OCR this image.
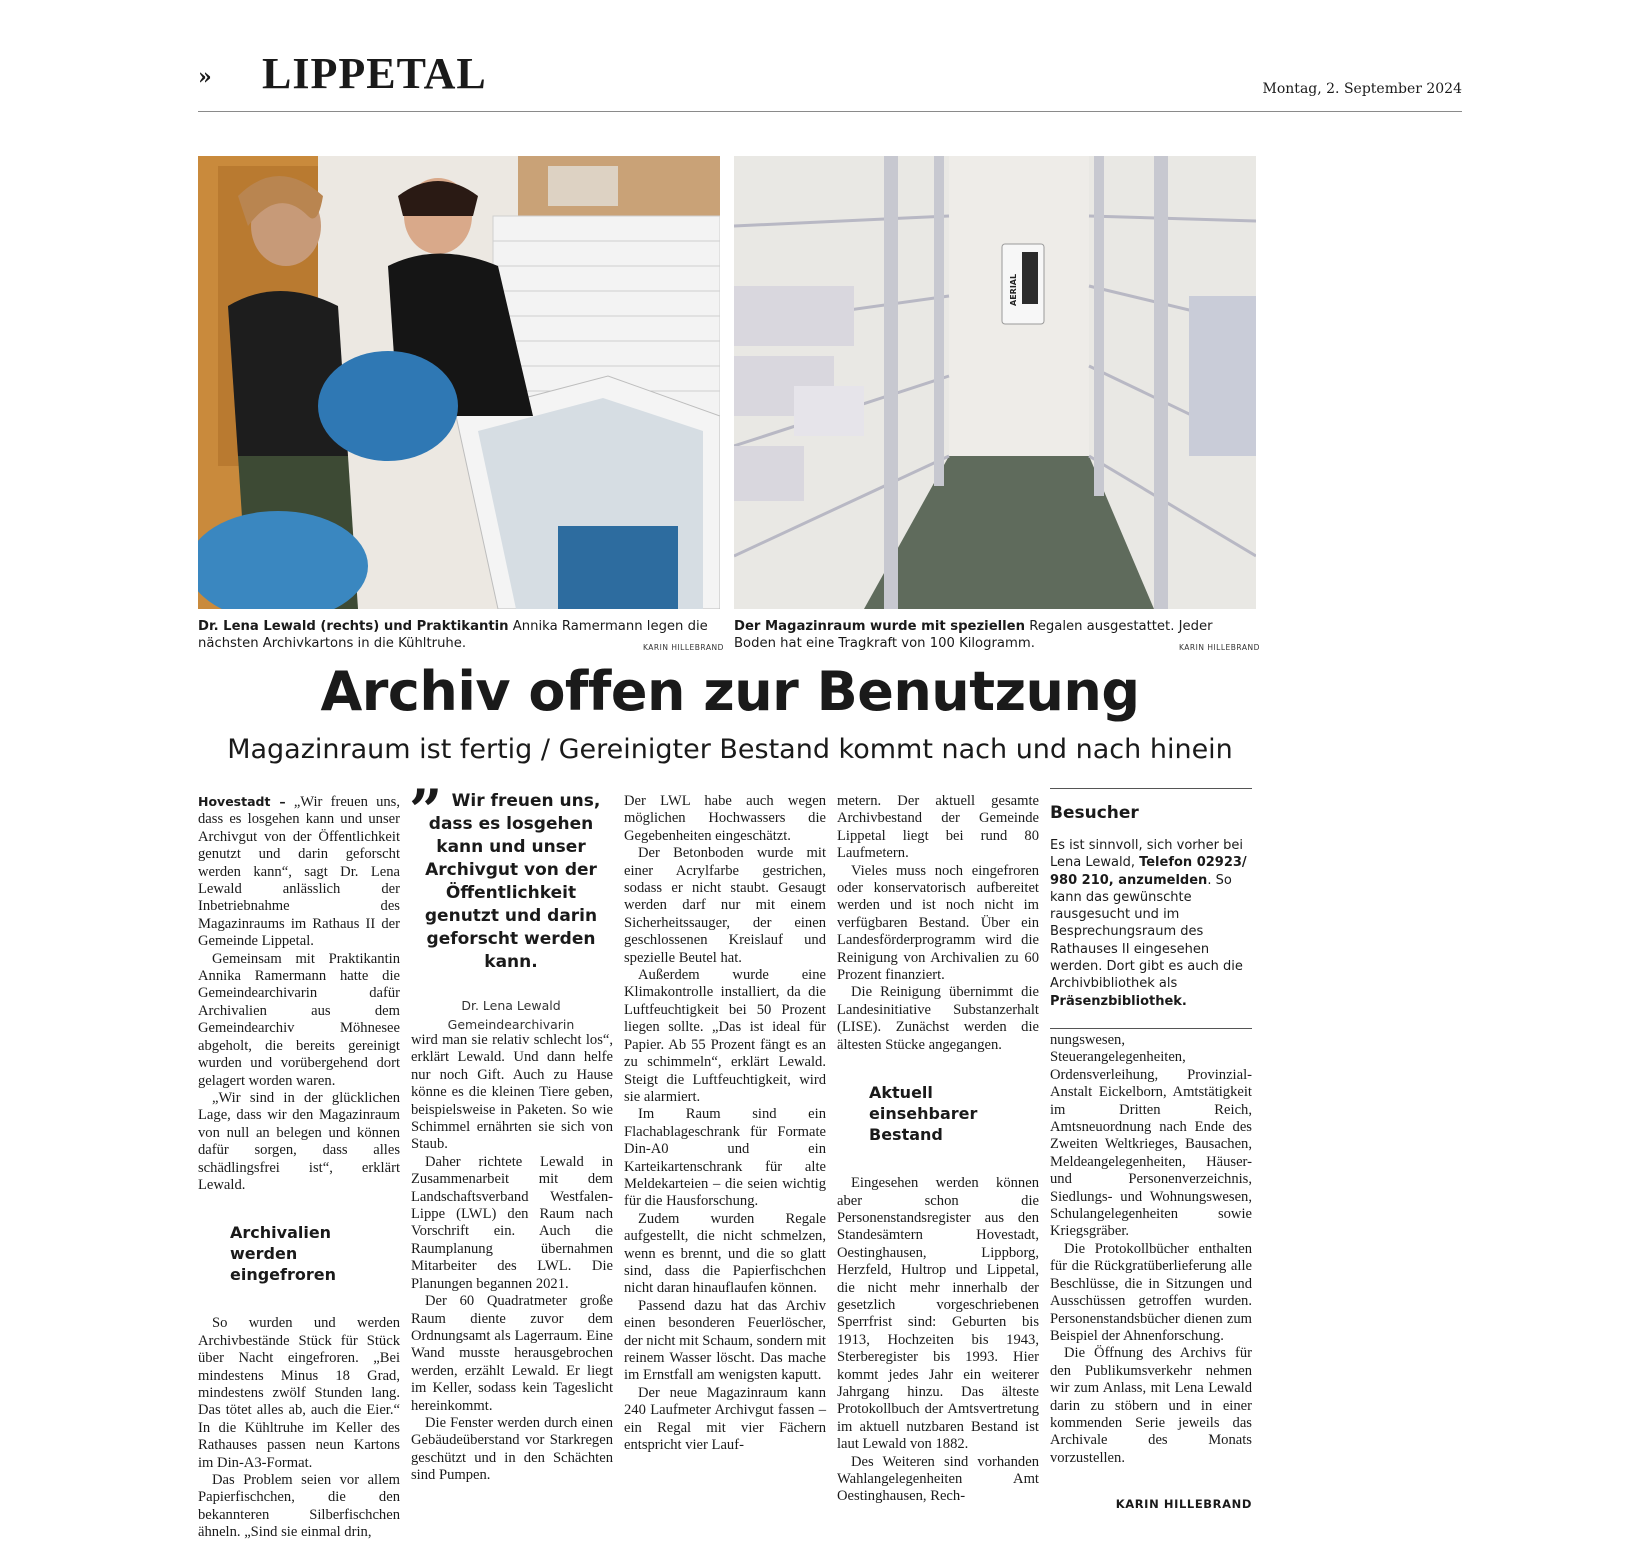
» LIPPETAL	Montag, 2. September 2024
Dr. Lena Lewald (rechts) und Praktikantin Annika Ramermann legen die nächsten Archivkartons in die Kühltruhe.	KARIN HILLEBRAND
AERIAL
Der Magazinraum wurde mit speziellen Regalen ausgestattet. Jeder Boden hat eine Tragkraft von 100 Kilogramm.	KARIN HILLEBRAND
Archiv offen zur Benutzung
Magazinraum ist fertig / Gereinigter Bestand kommt nach und nach hinein

Hovestadt – „Wir freuen uns, dass es losgehen kann und unser Archivgut von der Öffentlichkeit genutzt und darin geforscht werden kann“, sagt Dr. Lena Lewald anlässlich der Inbetriebnahme des Magazinraums im Rathaus II der Gemeinde Lippetal.

Gemeinsam mit Praktikantin Annika Ramermann hatte die Gemeindearchivarin dafür Archivalien aus dem Gemeindearchiv Möhnesee abgeholt, die bereits gereinigt wurden und vorübergehend dort gelagert worden waren.

„Wir sind in der glücklichen Lage, dass wir den Magazinraum von null an belegen und können dafür sorgen, dass alles schädlingsfrei ist“, erklärt Lewald.

Archivalien werden eingefroren

So wurden und werden Archivbestände Stück für Stück über Nacht eingefroren. „Bei mindestens Minus 18 Grad, mindestens zwölf Stunden lang. Das tötet alles ab, auch die Eier.“ In die Kühltruhe im Keller des Rathauses passen neun Kartons im Din-A3-Format.

Das Problem seien vor allem Papierfischchen, die den bekannteren Silberfischchen ähneln. „Sind sie einmal drin,

” Wir freuen uns, dass es losgehen kann und unser Archivgut von der Öffentlichkeit genutzt und darin geforscht werden kann.
Dr. Lena Lewald
Gemeindearchivarin

wird man sie relativ schlecht los“, erklärt Lewald. Und dann helfe nur noch Gift. Auch zu Hause könne es die kleinen Tiere geben, beispielsweise in Paketen. So wie Schimmel ernährten sie sich von Staub.

Daher richtete Lewald in Zusammenarbeit mit dem Landschaftsverband Westfalen-Lippe (LWL) den Raum nach Vorschrift ein. Auch die Raumplanung übernahmen Mitarbeiter des LWL. Die Planungen begannen 2021.

Der 60 Quadratmeter große Raum diente zuvor dem Ordnungsamt als Lagerraum. Eine Wand musste herausgebrochen werden, erzählt Lewald. Er liegt im Keller, sodass kein Tageslicht hereinkommt.

Die Fenster werden durch einen Gebäudeüberstand vor Starkregen geschützt und in den Schächten sind Pumpen.

Der LWL habe auch wegen möglichen Hochwassers die Gegebenheiten eingeschätzt.

Der Betonboden wurde mit einer Acrylfarbe gestrichen, sodass er nicht staubt. Gesaugt werden darf nur mit einem Sicherheitssauger, der einen geschlossenen Kreislauf und spezielle Beutel hat.

Außerdem wurde eine Klimakontrolle installiert, da die Luftfeuchtigkeit bei 50 Prozent liegen sollte. „Das ist ideal für Papier. Ab 55 Prozent fängt es an zu schimmeln“, erklärt Lewald. Steigt die Luftfeuchtigkeit, wird sie alarmiert.

Im Raum sind ein Flachablageschrank für Formate Din-A0 und ein Karteikartenschrank für alte Meldekarteien – die seien wichtig für die Hausforschung.

Zudem wurden Regale aufgestellt, die nicht schmelzen, wenn es brennt, und die so glatt sind, dass die Papierfischchen nicht daran hinauflaufen können.

Passend dazu hat das Archiv einen besonderen Feuerlöscher, der nicht mit Schaum, sondern mit reinem Wasser löscht. Das mache im Ernstfall am wenigsten kaputt.

Der neue Magazinraum kann 240 Laufmeter Archivgut fassen – ein Regal mit vier Fächern entspricht vier Lauf-

metern. Der aktuell gesamte Archivbestand der Gemeinde Lippetal liegt bei rund 80 Laufmetern.

Vieles muss noch eingefroren oder konservatorisch aufbereitet werden und ist noch nicht im verfügbaren Bestand. Über ein Landesförderprogramm wird die Reinigung von Archivalien zu 60 Prozent finanziert.

Die Reinigung übernimmt die Landesinitiative Substanzerhalt (LISE). Zunächst werden die ältesten Stücke angegangen.

Aktuell einsehbarer Bestand

Eingesehen werden können aber schon die Personenstandsregister aus den Standesämtern Hovestadt, Oestinghausen, Lippborg, Herzfeld, Hultrop und Lippetal, die nicht mehr innerhalb der gesetzlich vorgeschriebenen Sperrfrist sind: Geburten bis 1913, Hochzeiten bis 1943, Sterberegister bis 1993. Hier kommt jedes Jahr ein weiterer Jahrgang hinzu. Das älteste Protokollbuch der Amtsvertretung im aktuell nutzbaren Bestand ist laut Lewald von 1882.

Des Weiteren sind vorhanden Wahlangelegenheiten Amt Oestinghausen, Rech-

Besucher
Es ist sinnvoll, sich vorher bei Lena Lewald, Telefon 02923/ 980 210, anzumelden. So kann das gewünschte rausgesucht und im Besprechungsraum des Rathauses II eingesehen werden. Dort gibt es auch die Archivbibliothek als Präsenzbibliothek.

nungswesen, Steuerangelegenheiten, Ordensverleihung, Provinzial-Anstalt Eickelborn, Amtstätigkeit im Dritten Reich, Amtsneuordnung nach Ende des Zweiten Weltkrieges, Bausachen, Meldeangelegenheiten, Häuser- und Personenverzeichnis, Siedlungs- und Wohnungswesen, Schulangelegenheiten sowie Kriegsgräber.

Die Protokollbücher enthalten für die Rückgratüberlieferung alle Beschlüsse, die in Sitzungen und Ausschüssen getroffen wurden. Personenstandsbücher dienen zum Beispiel der Ahnenforschung.

Die Öffnung des Archivs für den Publikumsverkehr nehmen wir zum Anlass, mit Lena Lewald darin zu stöbern und in einer kommenden Serie jeweils das Archivale des Monats vorzustellen.

KARIN HILLEBRAND
